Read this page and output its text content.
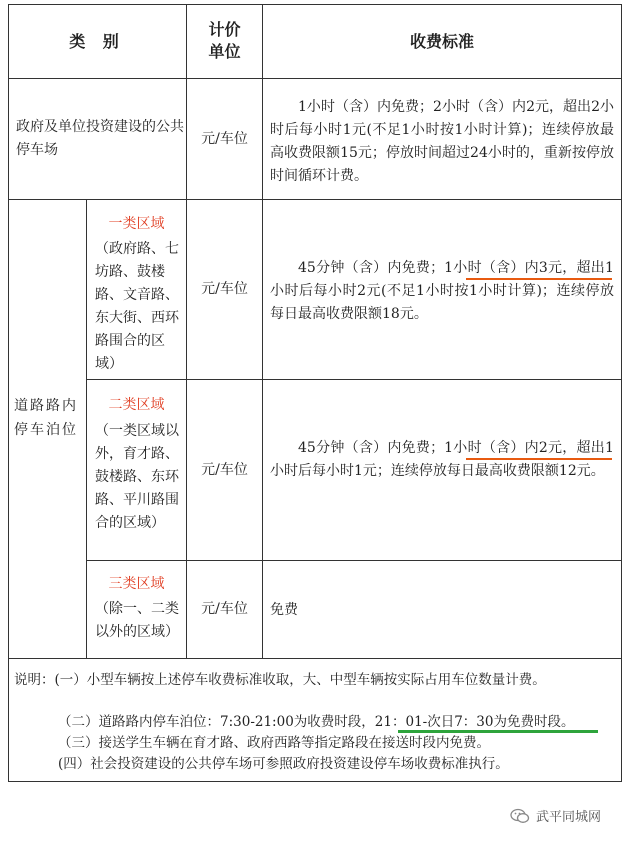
类 别
计价
单位
收费标准
政府及单位投资建设的公共停车场
元/车位
1小时（含）内免费；2小时（含）内2元，超出2小时后每小时1元(不足1小时按1小时计算)；连续停放最高收费限额15元；停放时间超过24小时的，重新按停放时间循环计费。
道路路内停车泊位
一类区域
（政府路、七坊路、鼓楼路、文音路、东大街、西环路围合的区域）
元/车位
45分钟（含）内免费；1小时（含）内3元，超出1小时后每小时2元(不足1小时按1小时计算)；连续停放每日最高收费限额18元。
二类区域
（一类区域以外，育才路、鼓楼路、东环路、平川路围合的区域）
元/车位
45分钟（含）内免费；1小时（含）内2元，超出1小时后每小时1元；连续停放每日最高收费限额12元。
三类区域
（除一、二类以外的区域）
元/车位	免费
说明：(一）小型车辆按上述停车收费标准收取，大、中型车辆按实际占用车位数量计费。
（二）道路路内停车泊位：7:30-21:00为收费时段，21：01-次日7：30为免费时段。
（三）接送学生车辆在育才路、政府西路等指定路段在接送时段内免费。
(四）社会投资建设的公共停车场可参照政府投资建设停车场收费标准执行。
武平同城网
